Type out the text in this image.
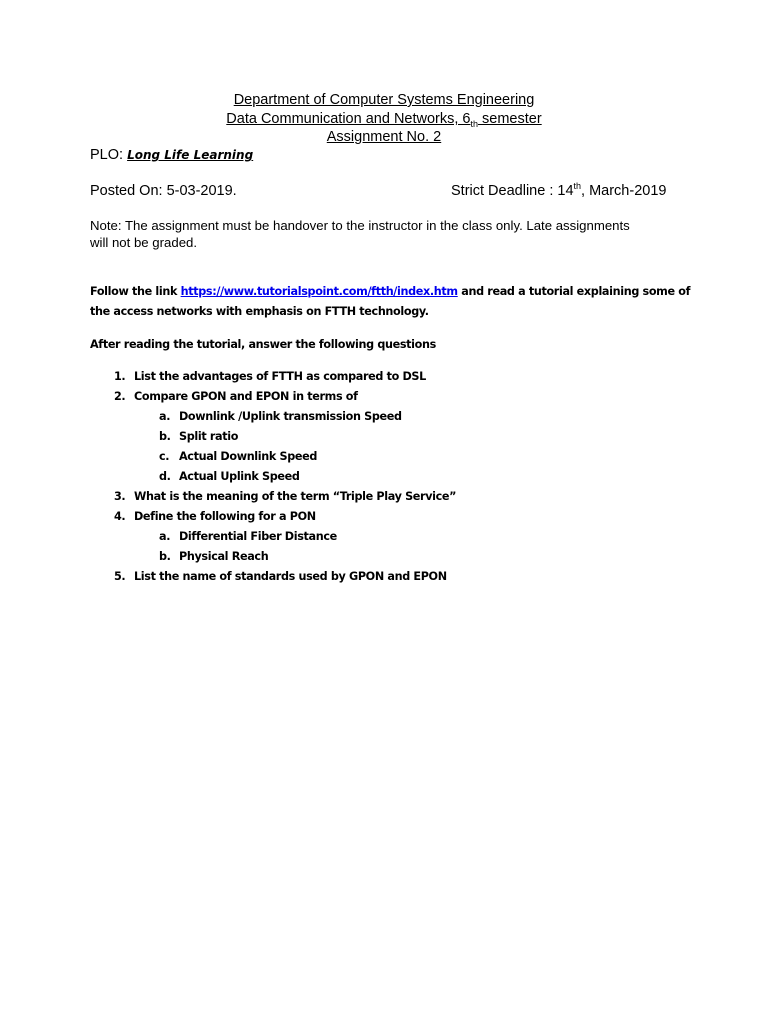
Department of Computer Systems Engineering
Data Communication and Networks, $6_{th}$ semester
Assignment No. 2
PLO: Long Life Learning
Posted On: 5-03-2019.	Strict Deadline : 14th, March-2019
Note: The assignment must be handover to the instructor in the class only. Late assignments
will not be graded.
Follow the link https://www.tutorialspoint.com/ftth/index.htm and read a tutorial explaining some of
the access networks with emphasis on FTTH technology.
After reading the tutorial, answer the following questions
1. List the advantages of FTTH as compared to DSL
2. Compare GPON and EPON in terms of
a. Downlink /Uplink transmission Speed
b. Split ratio
c. Actual Downlink Speed
d. Actual Uplink Speed
3. What is the meaning of the term “Triple Play Service”
4. Define the following for a PON
a. Differential Fiber Distance
b. Physical Reach
5. List the name of standards used by GPON and EPON
